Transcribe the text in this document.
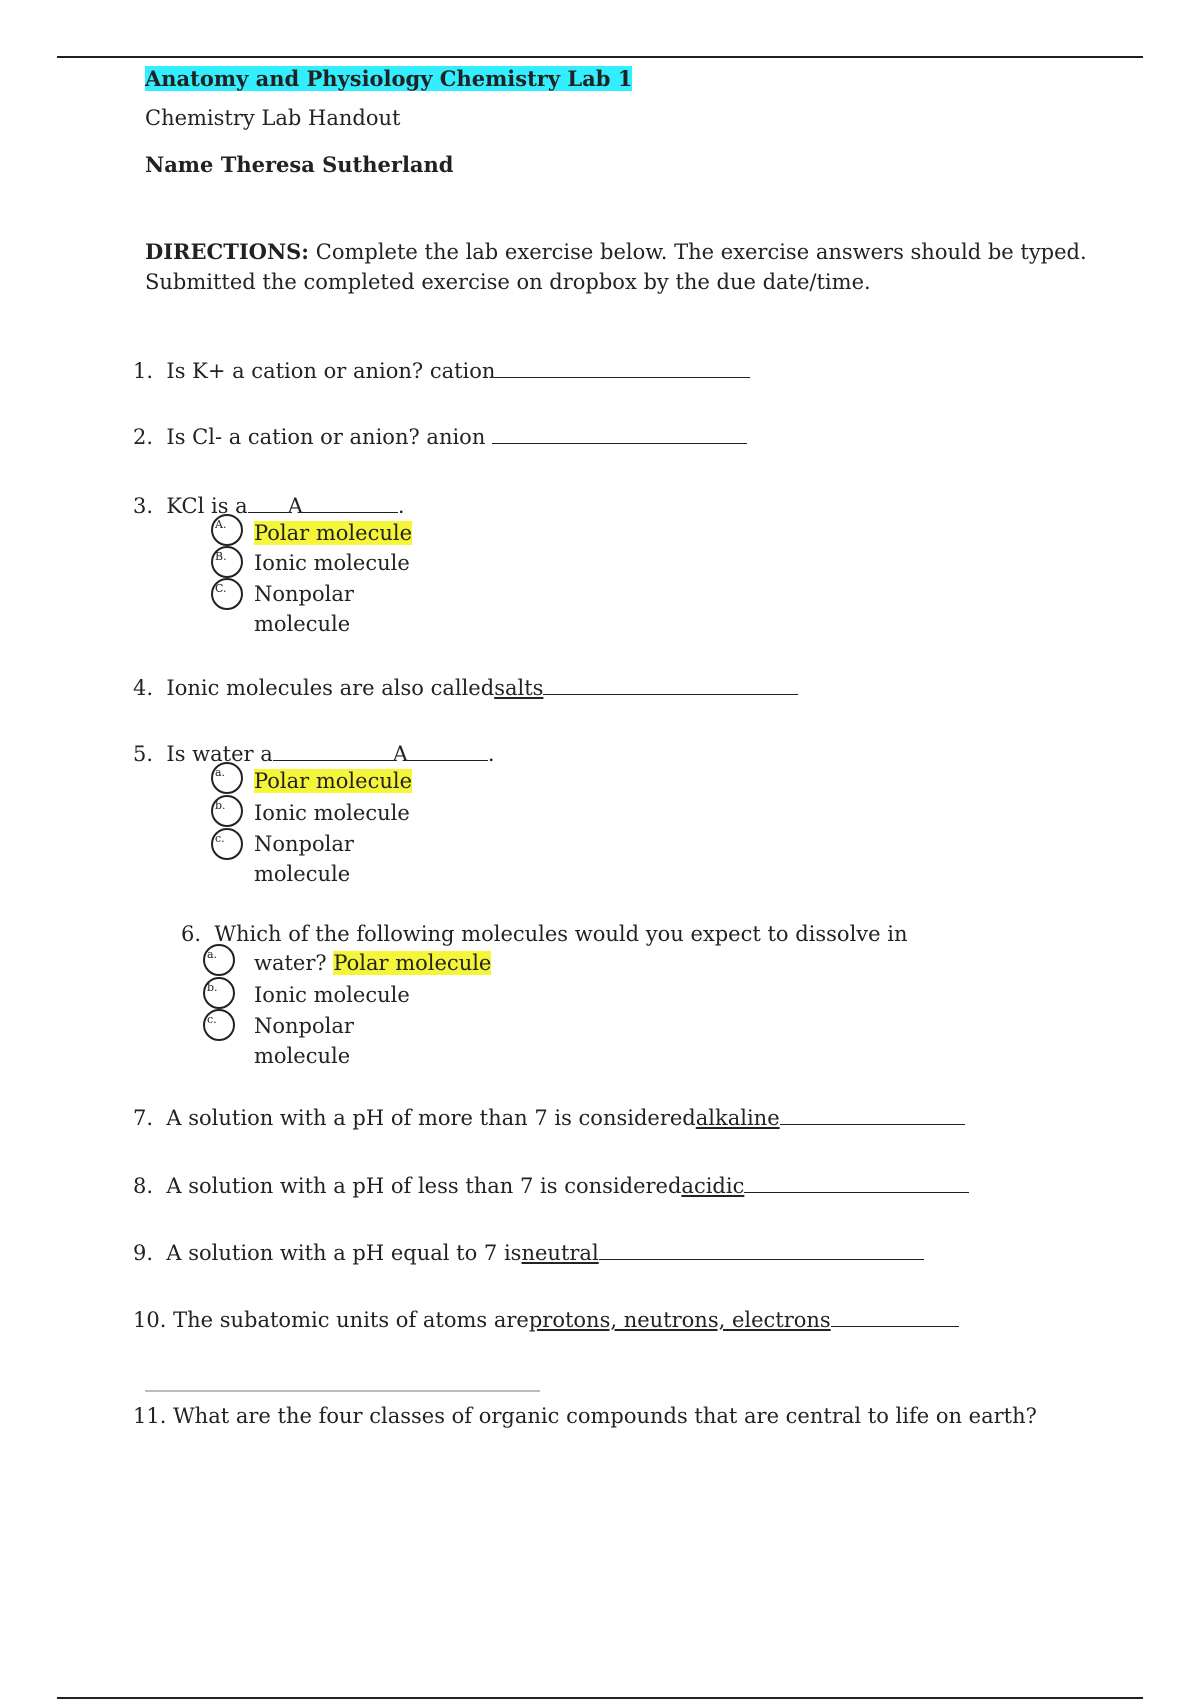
Anatomy and Physiology Chemistry Lab 1
Chemistry Lab Handout
Name Theresa Sutherland
DIRECTIONS: Complete the lab exercise below. The exercise answers should be typed.
Submitted the completed exercise on dropbox by the due date/time.
1. Is K+ a cation or anion? cation
2. Is Cl- a cation or anion? anion
3. KCl is a A	.
A.
B.
C.
Polar molecule
Ionic molecule
Nonpolar
molecule
4. Ionic molecules are also calledsalts
5. Is water a	A	.
a.
b.
c.
Polar molecule
Ionic molecule
Nonpolar
molecule
6. Which of the following molecules would you expect to dissolve in
water? Polar molecule
a.
b.
c.
Ionic molecule
Nonpolar
molecule
7. A solution with a pH of more than 7 is consideredalkaline
8. A solution with a pH of less than 7 is consideredacidic
9. A solution with a pH equal to 7 isneutral
10. The subatomic units of atoms areprotons, neutrons, electrons
11. What are the four classes of organic compounds that are central to life on earth?
